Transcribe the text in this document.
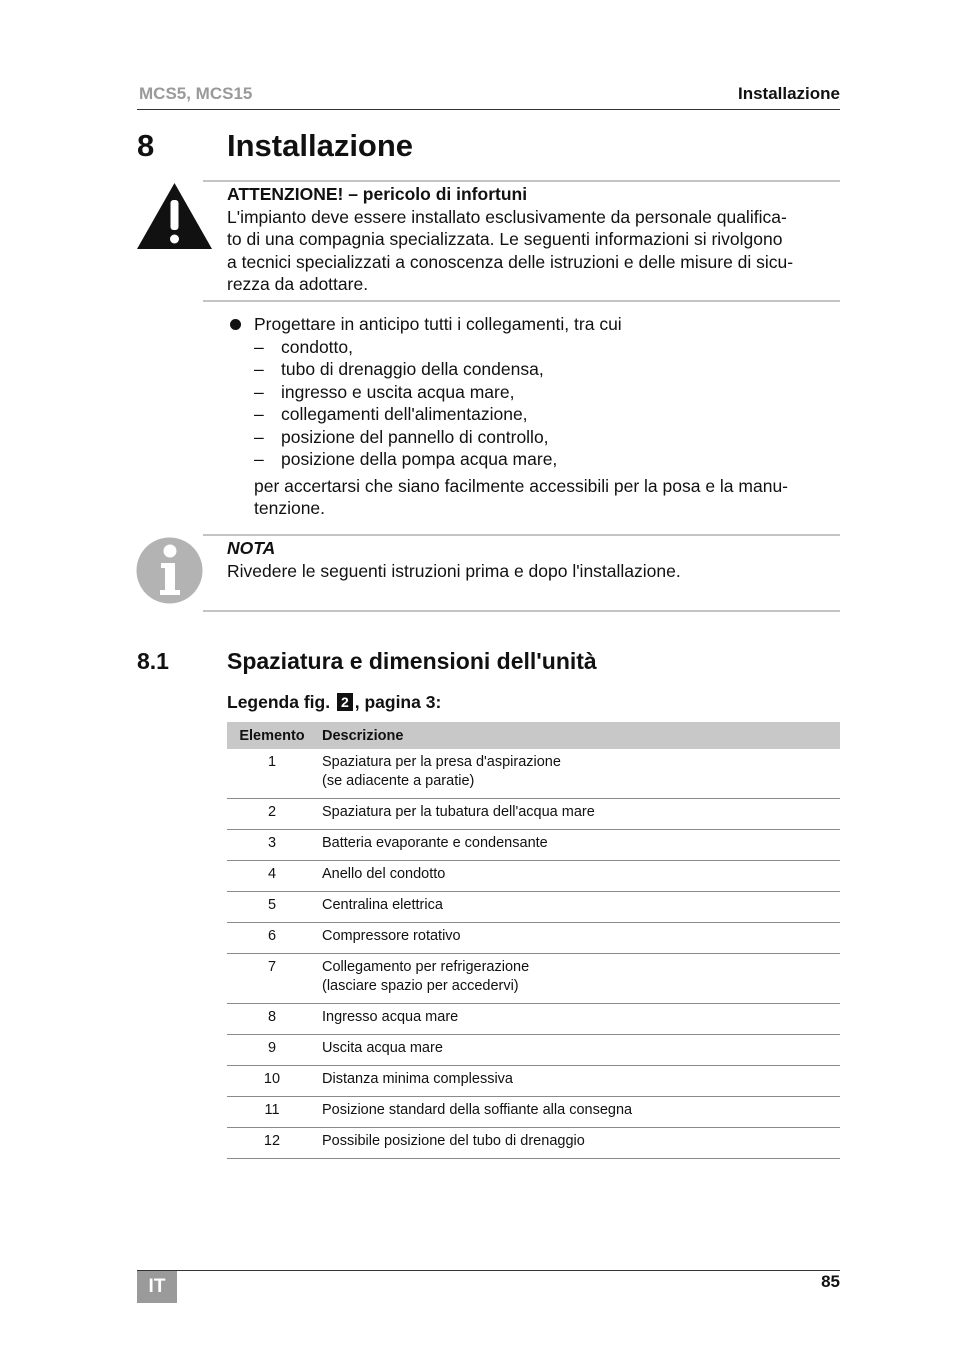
MCS5, MCS15	Installazione
8 Installazione
ATTENZIONE! – pericolo di infortuni
L'impianto deve essere installato esclusivamente da personale qualifica-
to di una compagnia specializzata. Le seguenti informazioni si rivolgono
a tecnici specializzati a conoscenza delle istruzioni e delle misure di sicu-
rezza da adottare.
Progettare in anticipo tutti i collegamenti, tra cui
– condotto,
– tubo di drenaggio della condensa,
– ingresso e uscita acqua mare,
– collegamenti dell'alimentazione,
– posizione del pannello di controllo,
– posizione della pompa acqua mare,
per accertarsi che siano facilmente accessibili per la posa e la manu-
tenzione.
NOTA
Rivedere le seguenti istruzioni prima e dopo l'installazione.
8.1	Spaziatura e dimensioni dell'unità
Legenda fig. 2 , pagina 3:
Elemento	Descrizione
1	Spaziatura per la presa d'aspirazione
(se adiacente a paratie)

2	Spaziatura per la tubatura dell'acqua mare
3	Batteria evaporante e condensante
4	Anello del condotto
5	Centralina elettrica
6	Compressore rotativo
7	Collegamento per refrigerazione
(lasciare spazio per accedervi)

8	Ingresso acqua mare
9	Uscita acqua mare
10	Distanza minima complessiva
11	Posizione standard della soffiante alla consegna
12	Possibile posizione del tubo di drenaggio
IT	85
